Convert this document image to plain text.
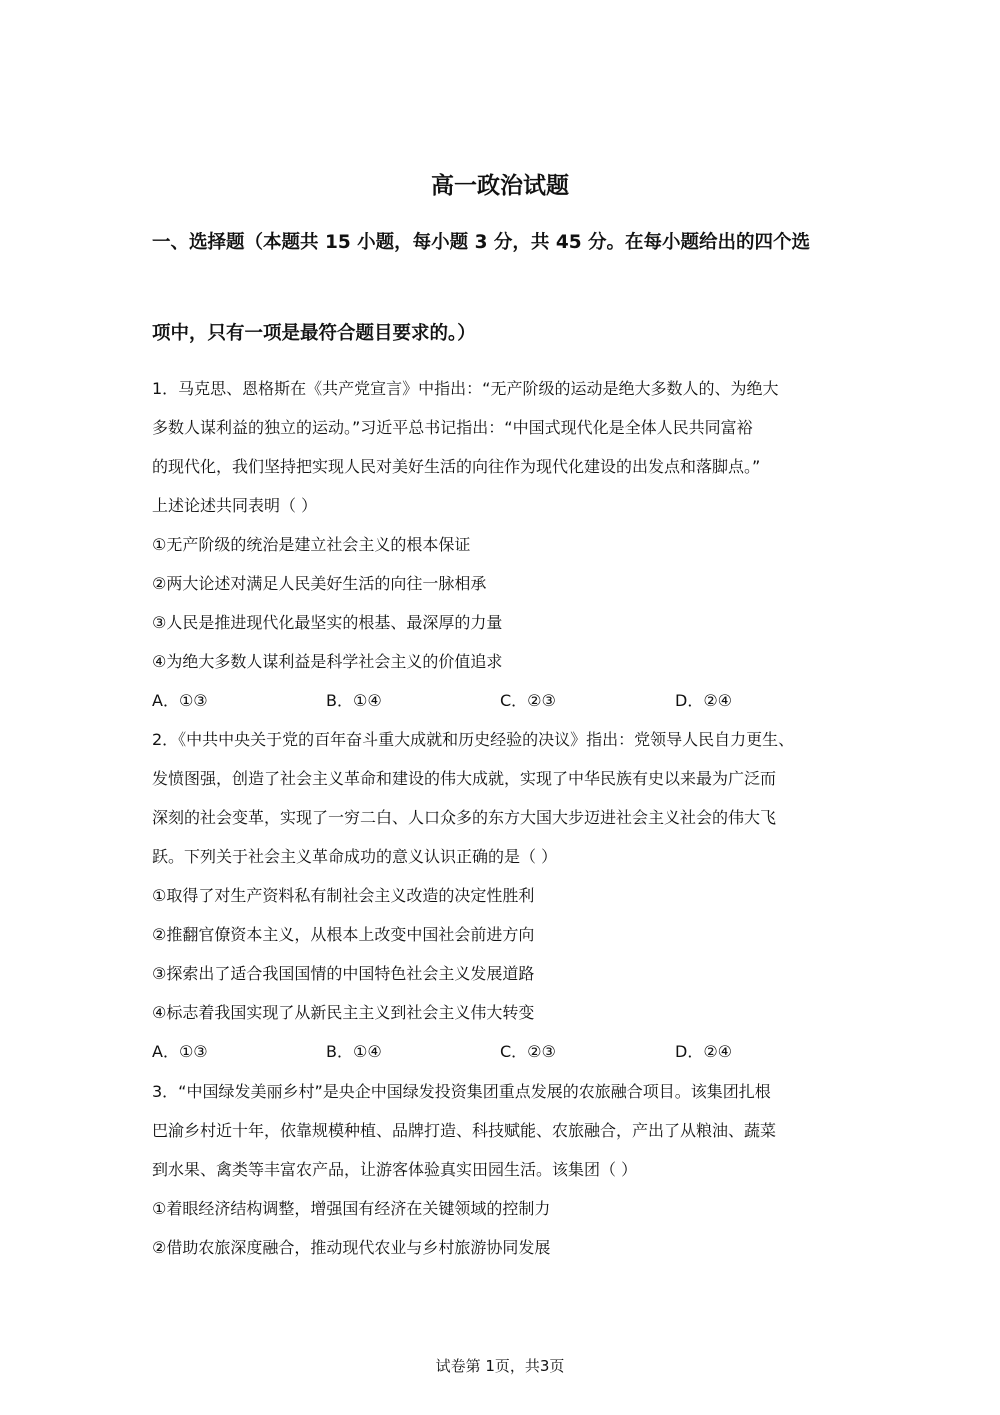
高一政治试题

一、选择题（本题共 15 小题，每小题 3 分，共 45 分。在每小题给出的四个选

项中，只有一项是最符合题目要求的。）

1．马克思、恩格斯在《共产党宣言》中指出：“无产阶级的运动是绝大多数人的、为绝大

多数人谋利益的独立的运动。”习近平总书记指出：“中国式现代化是全体人民共同富裕

的现代化，我们坚持把实现人民对美好生活的向往作为现代化建设的出发点和落脚点。”

上述论述共同表明（ ）

①无产阶级的统治是建立社会主义的根本保证

②两大论述对满足人民美好生活的向往一脉相承

③人民是推进现代化最坚实的根基、最深厚的力量

④为绝大多数人谋利益是科学社会主义的价值追求

A．①③	B．①④	C．②③	D．②④

2．《中共中央关于党的百年奋斗重大成就和历史经验的决议》指出：党领导人民自力更生、

发愤图强，创造了社会主义革命和建设的伟大成就，实现了中华民族有史以来最为广泛而

深刻的社会变革，实现了一穷二白、人口众多的东方大国大步迈进社会主义社会的伟大飞

跃。下列关于社会主义革命成功的意义认识正确的是（ ）

①取得了对生产资料私有制社会主义改造的决定性胜利

②推翻官僚资本主义，从根本上改变中国社会前进方向

③探索出了适合我国国情的中国特色社会主义发展道路

④标志着我国实现了从新民主主义到社会主义伟大转变

A．①③	B．①④	C．②③	D．②④

3．“中国绿发美丽乡村”是央企中国绿发投资集团重点发展的农旅融合项目。该集团扎根

巴渝乡村近十年，依靠规模种植、品牌打造、科技赋能、农旅融合，产出了从粮油、蔬菜

到水果、禽类等丰富农产品，让游客体验真实田园生活。该集团（ ）

①着眼经济结构调整，增强国有经济在关键领域的控制力

②借助农旅深度融合，推动现代农业与乡村旅游协同发展

试卷第 1页，共3页
